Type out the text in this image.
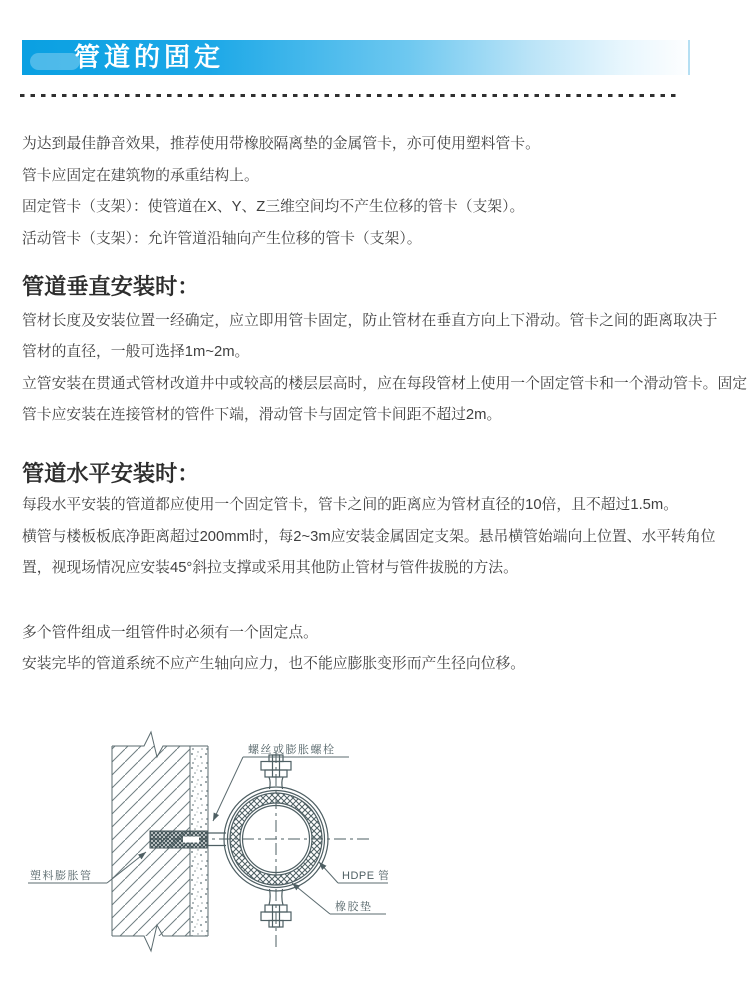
管道的固定

为达到最佳静音效果，推荐使用带橡胶隔离垫的金属管卡，亦可使用塑料管卡。

管卡应固定在建筑物的承重结构上。

固定管卡（支架）：使管道在X、Y、Z三维空间均不产生位移的管卡（支架）。

活动管卡（支架）：允许管道沿轴向产生位移的管卡（支架）。

管道垂直安装时：

管材长度及安装位置一经确定，应立即用管卡固定，防止管材在垂直方向上下滑动。管卡之间的距离取决于

管材的直径，一般可选择1m~2m。

立管安装在贯通式管材改道井中或较高的楼层层高时，应在每段管材上使用一个固定管卡和一个滑动管卡。固定

管卡应安装在连接管材的管件下端，滑动管卡与固定管卡间距不超过2m。

管道水平安装时：

每段水平安装的管道都应使用一个固定管卡，管卡之间的距离应为管材直径的10倍，且不超过1.5m。

横管与楼板板底净距离超过200mm时，每2~3m应安装金属固定支架。悬吊横管始端向上位置、水平转角位

置，视现场情况应安装45°斜拉支撑或采用其他防止管材与管件拔脱的方法。

多个管件组成一组管件时必须有一个固定点。

安装完毕的管道系统不应产生轴向应力，也不能应膨胀变形而产生径向位移。

螺丝或膨胀螺栓
塑料膨胀管	HDPE 管
橡胶垫
